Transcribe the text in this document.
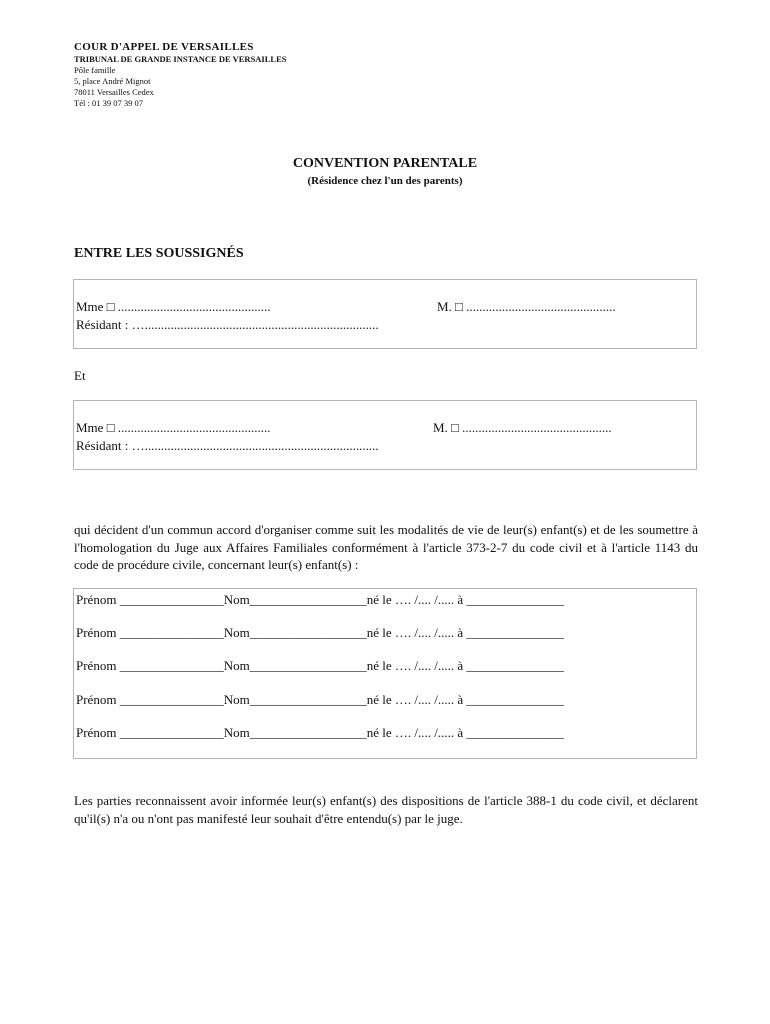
COUR D'APPEL DE VERSAILLES
TRIBUNAL DE GRANDE INSTANCE DE VERSAILLES
Pôle famille
5, place André Mignot
78011 Versailles Cedex
Tél : 01 39 07 39 07
CONVENTION PARENTALE
(Résidence chez l'un des parents)
ENTRE LES SOUSSIGNÉS
Mme □ ...............................................	M. □ ..............................................
Résidant : …........................................................................
Et
Mme □ ...............................................	M. □ ..............................................
Résidant : …........................................................................
qui décident d'un commun accord d'organiser comme suit les modalités de vie de leur(s) enfant(s) et de les soumettre à l'homologation du Juge aux Affaires Familiales conformément à l'article 373-2-7 du code civil et à l'article 1143 du code de procédure civile, concernant leur(s) enfant(s) :
Prénom ________________Nom__________________né le …. /.... /..... à _______________
Prénom ________________Nom__________________né le …. /.... /..... à _______________
Prénom ________________Nom__________________né le …. /.... /..... à _______________
Prénom ________________Nom__________________né le …. /.... /..... à _______________
Prénom ________________Nom__________________né le …. /.... /..... à _______________
Les parties reconnaissent avoir informée leur(s) enfant(s) des dispositions de l'article 388-1 du code civil, et déclarent qu'il(s) n'a ou n'ont pas manifesté leur souhait d'être entendu(s) par le juge.
